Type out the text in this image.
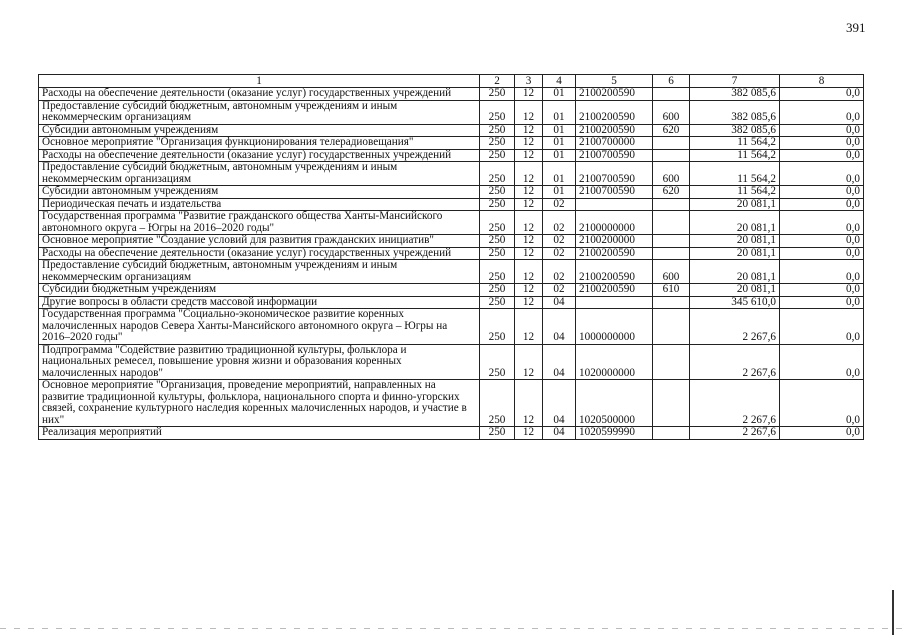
391
1	2	3	4	5	6	7	8
Расходы на обеспечение деятельности (оказание услуг) государственных учреждений	250	12	01	2100200590		382 085,6	0,0
Предоставление субсидий бюджетным, автономным учреждениям и иным некоммерческим организациям	250	12	01	2100200590	600	382 085,6	0,0
Субсидии автономным учреждениям	250	12	01	2100200590	620	382 085,6	0,0
Основное мероприятие "Организация функционирования телерадиовещания"	250	12	01	2100700000		11 564,2	0,0
Расходы на обеспечение деятельности (оказание услуг) государственных учреждений	250	12	01	2100700590		11 564,2	0,0
Предоставление субсидий бюджетным, автономным учреждениям и иным некоммерческим организациям	250	12	01	2100700590	600	11 564,2	0,0
Субсидии автономным учреждениям	250	12	01	2100700590	620	11 564,2	0,0
Периодическая печать и издательства	250	12	02			20 081,1	0,0
Государственная программа "Развитие гражданского общества Ханты-Мансийского автономного округа – Югры на 2016–2020 годы"	250	12	02	2100000000		20 081,1	0,0
Основное мероприятие "Создание условий для развития гражданских инициатив"	250	12	02	2100200000		20 081,1	0,0
Расходы на обеспечение деятельности (оказание услуг) государственных учреждений	250	12	02	2100200590		20 081,1	0,0
Предоставление субсидий бюджетным, автономным учреждениям и иным некоммерческим организациям	250	12	02	2100200590	600	20 081,1	0,0
Субсидии бюджетным учреждениям	250	12	02	2100200590	610	20 081,1	0,0
Другие вопросы в области средств массовой информации	250	12	04			345 610,0	0,0
Государственная программа "Социально-экономическое развитие коренных малочисленных народов Севера Ханты-Мансийского автономного округа – Югры на 2016–2020 годы"	250	12	04	1000000000		2 267,6	0,0
Подпрограмма "Содействие развитию традиционной культуры, фольклора и национальных ремесел, повышение уровня жизни и образования коренных малочисленных народов"	250	12	04	1020000000		2 267,6	0,0
Основное мероприятие "Организация, проведение мероприятий, направленных на развитие традиционной культуры, фольклора, национального спорта и финно-угорских связей, сохранение культурного наследия коренных малочисленных народов, и участие в них"	250	12	04	1020500000		2 267,6	0,0
Реализация мероприятий	250	12	04	1020599990		2 267,6	0,0
